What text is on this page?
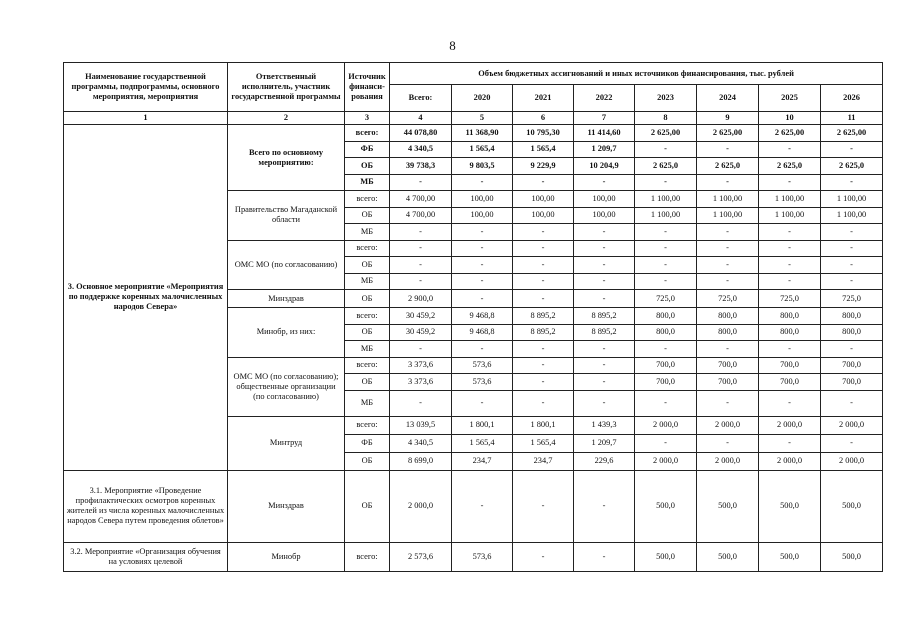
8
Наименование государственной программы, подпрограммы, основного мероприятия, мероприятия	Ответственный исполнитель, участник государственной программы	Источник финанси-рования	Объем бюджетных ассигнований и иных источников финансирования, тыс. рублей							
			Всего:	2020	2021	2022	2023	2024	2025	2026
1	2	3	4	5	6	7	8	9	10	11
3. Основное мероприятие «Мероприятия по поддержке коренных малочисленных народов Севера»	Всего по основному мероприятию:	всего:	44 078,80	11 368,90	10 795,30	11 414,60	2 625,00	2 625,00	2 625,00	2 625,00
		ФБ	4 340,5	1 565,4	1 565,4	1 209,7	-	-	-	-
		ОБ	39 738,3	9 803,5	9 229,9	10 204,9	2 625,0	2 625,0	2 625,0	2 625,0
		МБ	-	-	-	-	-	-	-	-
	Правительство Магаданской области	всего:	4 700,00	100,00	100,00	100,00	1 100,00	1 100,00	1 100,00	1 100,00
		ОБ	4 700,00	100,00	100,00	100,00	1 100,00	1 100,00	1 100,00	1 100,00
		МБ	-	-	-	-	-	-	-	-
	ОМС МО (по согласованию)	всего:	-	-	-	-	-	-	-	-
		ОБ	-	-	-	-	-	-	-	-
		МБ	-	-	-	-	-	-	-	-
	Минздрав	ОБ	2 900,0	-	-	-	725,0	725,0	725,0	725,0
	Минобр, из них:	всего:	30 459,2	9 468,8	8 895,2	8 895,2	800,0	800,0	800,0	800,0
		ОБ	30 459,2	9 468,8	8 895,2	8 895,2	800,0	800,0	800,0	800,0
		МБ	-	-	-	-	-	-	-	-
	ОМС МО (по согласованию); общественные организации (по согласованию)	всего:	3 373,6	573,6	-	-	700,0	700,0	700,0	700,0
		ОБ	3 373,6	573,6	-	-	700,0	700,0	700,0	700,0
		МБ	-	-	-	-	-	-	-	-
	Минтруд	всего:	13 039,5	1 800,1	1 800,1	1 439,3	2 000,0	2 000,0	2 000,0	2 000,0
		ФБ	4 340,5	1 565,4	1 565,4	1 209,7	-	-	-	-
		ОБ	8 699,0	234,7	234,7	229,6	2 000,0	2 000,0	2 000,0	2 000,0
3.1. Мероприятие «Проведение профилактических осмотров коренных жителей из числа коренных малочисленных народов Севера путем проведения облетов»	Минздрав	ОБ	2 000,0	-	-	-	500,0	500,0	500,0	500,0
3.2. Мероприятие «Организация обучения на условиях целевой	Минобр	всего:	2 573,6	573,6	-	-	500,0	500,0	500,0	500,0
